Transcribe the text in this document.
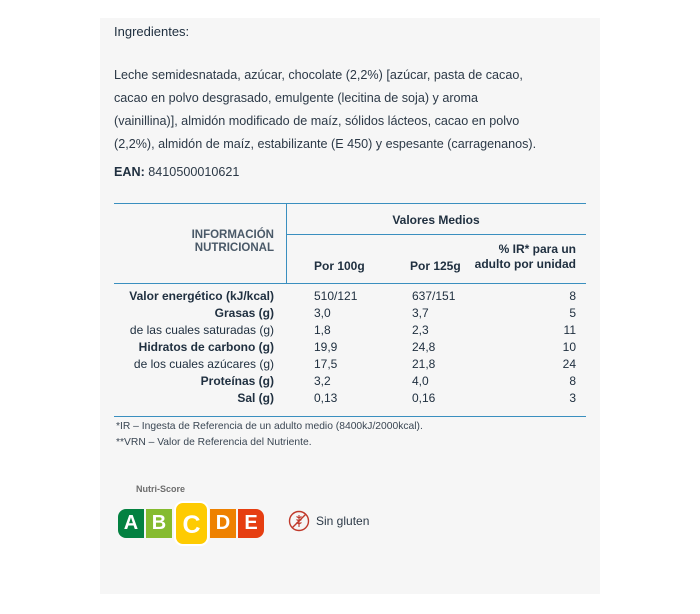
Ingredientes:
Leche semidesnatada, azúcar, chocolate (2,2%) [azúcar, pasta de cacao,
cacao en polvo desgrasado, emulgente (lecitina de soja) y aroma
(vainillina)], almidón modificado de maíz, sólidos lácteos, cacao en polvo
(2,2%), almidón de maíz, estabilizante (E 450) y espesante (carragenanos).
EAN: 8410500010621
INFORMACIÓN
NUTRICIONAL
Valores Medios
Por 100g	Por 125g
% IR* para un
adulto por unidad
Valor energético (kJ/kcal)	510/121	637/151	8
Grasas (g)	3,0	3,7	5
de las cuales saturadas (g)	1,8	2,3	11
Hidratos de carbono (g)	19,9	24,8	10
de los cuales azúcares (g)	17,5	21,8	24
Proteínas (g)	3,2	4,0	8
Sal (g)	0,13	0,16	3
*IR – Ingesta de Referencia de un adulto medio (8400kJ/2000kcal).
**VRN – Valor de Referencia del Nutriente.
Nutri-Score
A B D E
C	Sin gluten
